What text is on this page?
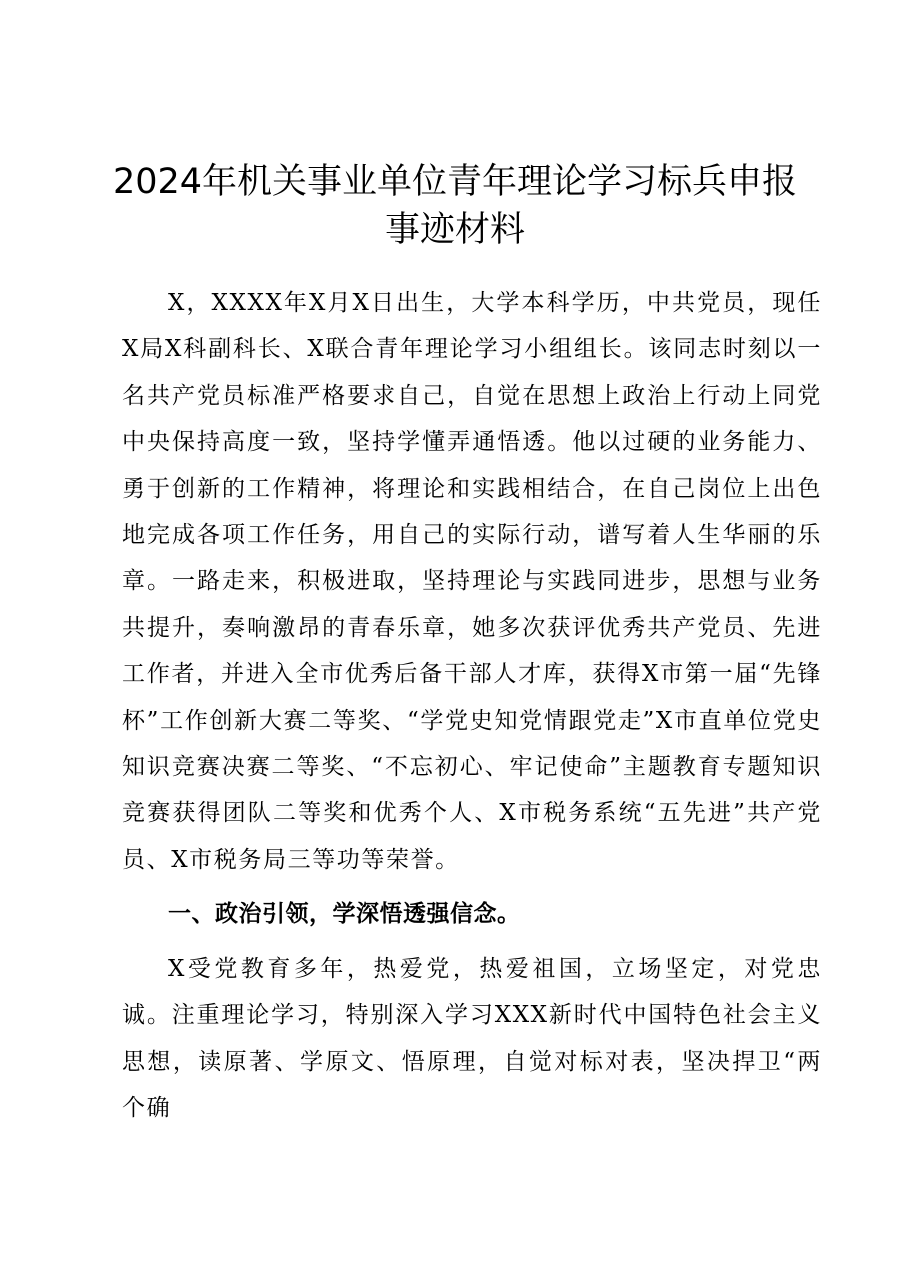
2024年机关事业单位青年理论学习标兵申报事迹材料

X，XXXX年X月X日出生，大学本科学历，中共党员，现任X局X科副科长、X联合青年理论学习小组组长。该同志时刻以一名共产党员标准严格要求自己，自觉在思想上政治上行动上同党中央保持高度一致，坚持学懂弄通悟透。他以过硬的业务能力、勇于创新的工作精神，将理论和实践相结合，在自己岗位上出色地完成各项工作任务，用自己的实际行动，谱写着人生华丽的乐章。一路走来，积极进取，坚持理论与实践同进步，思想与业务共提升，奏响激昂的青春乐章，她多次获评优秀共产党员、先进工作者，并进入全市优秀后备干部人才库，获得X市第一届“先锋杯”工作创新大赛二等奖、“学党史知党情跟党走”X市直单位党史知识竞赛决赛二等奖、“不忘初心、牢记使命”主题教育专题知识竞赛获得团队二等奖和优秀个人、X市税务系统“五先进”共产党员、X市税务局三等功等荣誉。

一、政治引领，学深悟透强信念。

X受党教育多年，热爱党，热爱祖国，立场坚定，对党忠诚。注重理论学习，特别深入学习XXX新时代中国特色社会主义思想，读原著、学原文、悟原理，自觉对标对表，坚决捍卫“两个确
